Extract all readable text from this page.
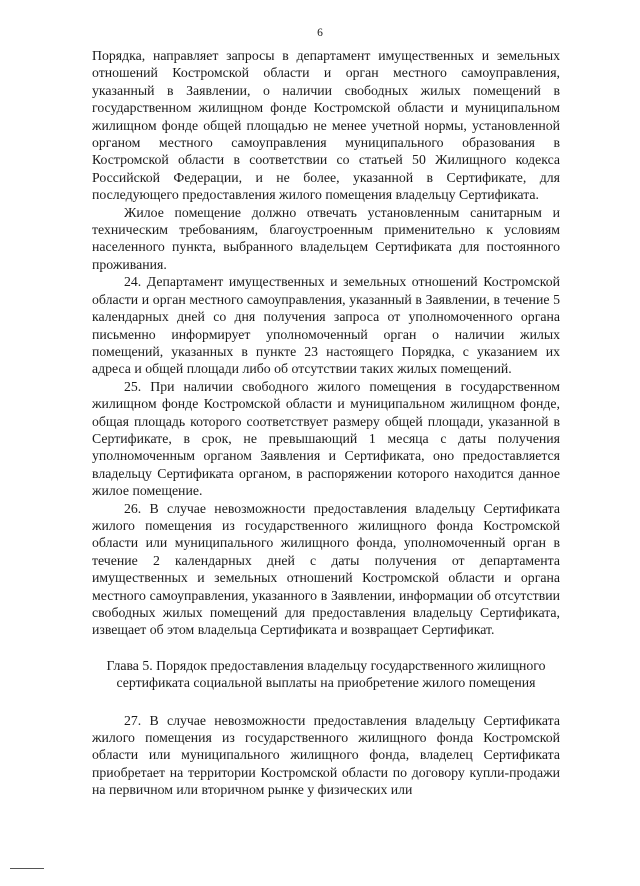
6

Порядка, направляет запросы в департамент имущественных и земельных отношений Костромской области и орган местного самоуправления, указанный в Заявлении, о наличии свободных жилых помещений в государственном жилищном фонде Костромской области и муниципальном жилищном фонде общей площадью не менее учетной нормы, установленной органом местного самоуправления муниципального образования в Костромской области в соответствии со статьей 50 Жилищного кодекса Российской Федерации, и не более, указанной в Сертификате, для последующего предоставления жилого помещения владельцу Сертификата.

Жилое помещение должно отвечать установленным санитарным и техническим требованиям, благоустроенным применительно к условиям населенного пункта, выбранного владельцем Сертификата для постоянного проживания.

24. Департамент имущественных и земельных отношений Костромской области и орган местного самоуправления, указанный в Заявлении, в течение 5 календарных дней со дня получения запроса от уполномоченного органа письменно информирует уполномоченный орган о наличии жилых помещений, указанных в пункте 23 настоящего Порядка, с указанием их адреса и общей площади либо об отсутствии таких жилых помещений.

25. При наличии свободного жилого помещения в государственном жилищном фонде Костромской области и муниципальном жилищном фонде, общая площадь которого соответствует размеру общей площади, указанной в Сертификате, в срок, не превышающий 1 месяца с даты получения уполномоченным органом Заявления и Сертификата, оно предоставляется владельцу Сертификата органом, в распоряжении которого находится данное жилое помещение.

26. В случае невозможности предоставления владельцу Сертификата жилого помещения из государственного жилищного фонда Костромской области или муниципального жилищного фонда, уполномоченный орган в течение 2 календарных дней с даты получения от департамента имущественных и земельных отношений Костромской области и органа местного самоуправления, указанного в Заявлении, информации об отсутствии свободных жилых помещений для предоставления владельцу Сертификата, извещает об этом владельца Сертификата и возвращает Сертификат.

Глава 5. Порядок предоставления владельцу государственного жилищного
сертификата социальной выплаты на приобретение жилого помещения

27. В случае невозможности предоставления владельцу Сертификата жилого помещения из государственного жилищного фонда Костромской области или муниципального жилищного фонда, владелец Сертификата приобретает на территории Костромской области по договору купли-продажи на первичном или вторичном рынке у физических или
